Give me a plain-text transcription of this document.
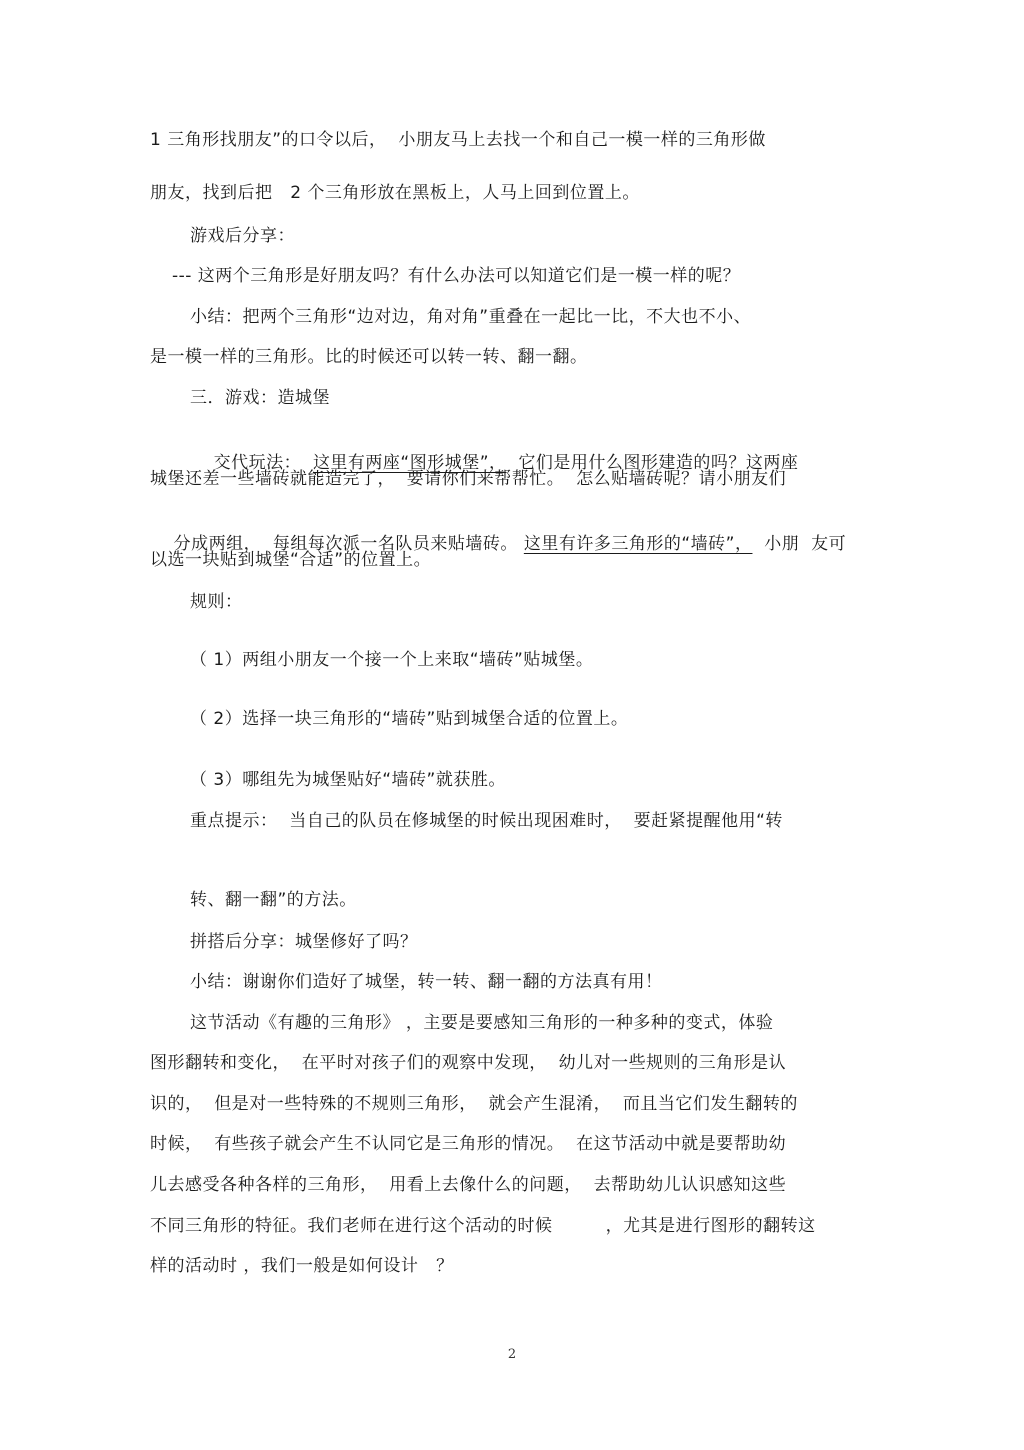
1 三角形找朋友”的口令以后，  小朋友马上去找一个和自己一模一样的三角形做
朋友，找到后把   2 个三角形放在黑板上，人马上回到位置上。
游戏后分享：
--- 这两个三角形是好朋友吗？有什么办法可以知道它们是一模一样的呢？
小结：把两个三角形“边对边，角对角”重叠在一起比一比，不大也不小、
是一模一样的三角形。比的时候还可以转一转、翻一翻。
三．游戏：造城堡

交代玩法： 这里有两座“图形城堡”，  它们是用什么图形建造的吗？这两座

城堡还差一些墙砖就能造完了，  要请你们来帮帮忙。  怎么贴墙砖呢？请小朋友们

分成两组，  每组每次派一名队员来贴墙砖。 这里有许多三角形的“墙砖”，  小朋  友可

以选一块贴到城堡“合适”的位置上。
规则：
（ 1）两组小朋友一个接一个上来取“墙砖”贴城堡。
（ 2）选择一块三角形的“墙砖”贴到城堡合适的位置上。
（ 3）哪组先为城堡贴好“墙砖”就获胜。
重点提示：  当自己的队员在修城堡的时候出现困难时，  要赶紧提醒他用“转
转、翻一翻”的方法。
拼搭后分享：城堡修好了吗？
小结：谢谢你们造好了城堡，转一转、翻一翻的方法真有用！
这节活动《有趣的三角形》 ，主要是要感知三角形的一种多种的变式，体验
图形翻转和变化，  在平时对孩子们的观察中发现，  幼儿对一些规则的三角形是认
识的，  但是对一些特殊的不规则三角形，  就会产生混淆，  而且当它们发生翻转的
时候，  有些孩子就会产生不认同它是三角形的情况。  在这节活动中就是要帮助幼
儿去感受各种各样的三角形，  用看上去像什么的问题，  去帮助幼儿认识感知这些
不同三角形的特征。我们老师在进行这个活动的时候         ，尤其是进行图形的翻转这
样的活动时 ，我们一般是如何设计   ？
2
